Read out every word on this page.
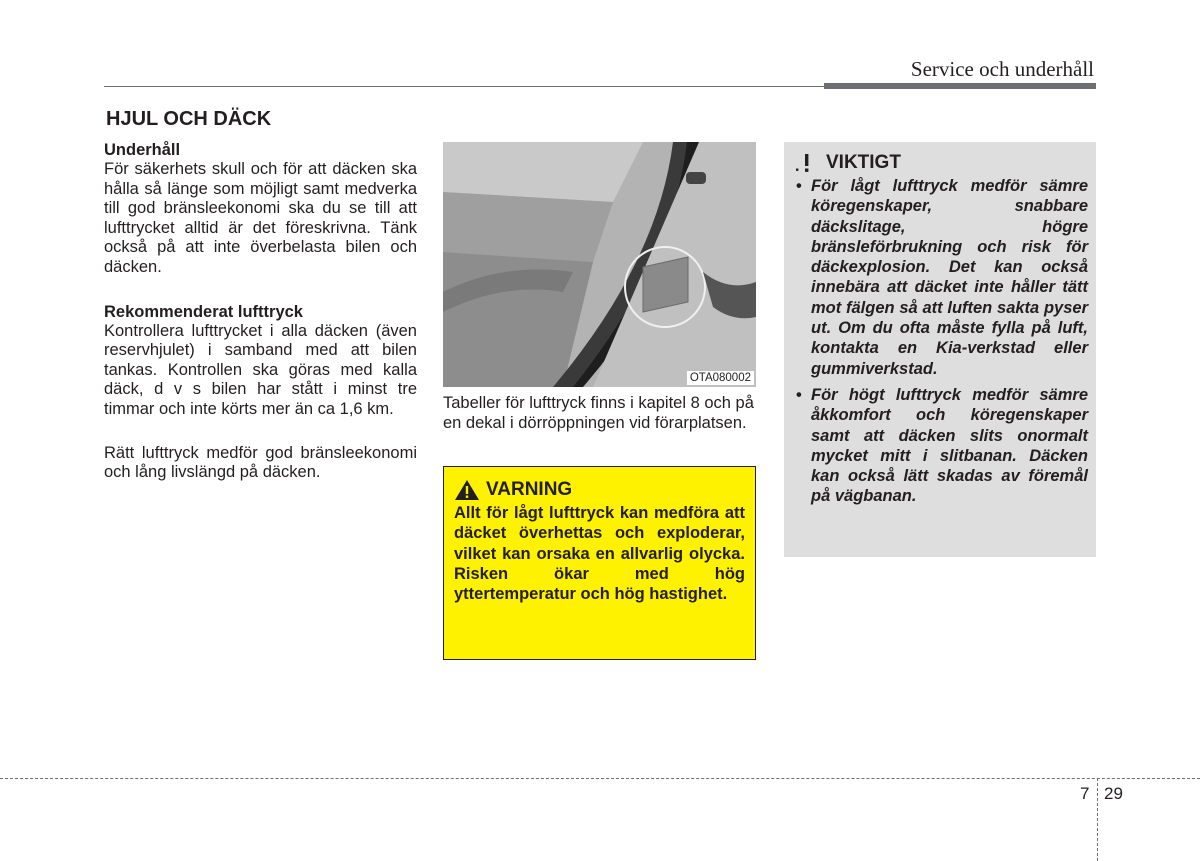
Service och underhåll
HJUL OCH DÄCK

Underhåll

För säkerhets skull och för att däcken ska hålla så länge som möjligt samt medverka till god bränsleekonomi ska du se till att lufttrycket alltid är det föreskrivna. Tänk också på att inte överbelasta bilen och däcken.

Rekommenderat lufttryck

Kontrollera lufttrycket i alla däcken (även reservhjulet) i samband med att bilen tankas. Kontrollen ska göras med kalla däck, d v s bilen har stått i minst tre timmar och inte körts mer än ca 1,6 km.

Rätt lufttryck medför god bränsleekonomi och lång livslängd på däcken.

OTA080002

Tabeller för lufttryck finns i kapitel 8 och på en dekal i dörröppningen vid förarplatsen.

VARNING

Allt för lågt lufttryck kan medföra att däcket överhettas och exploderar, vilket kan orsaka en allvarlig olycka. Risken ökar med hög yttertemperatur och hög hastighet.

VIKTIGT
• För lågt lufttryck medför sämre köregenskaper, snabbare däckslitage, högre bränsleförbrukning och risk för däckexplosion. Det kan också innebära att däcket inte håller tätt mot fälgen så att luften sakta pyser ut. Om du ofta måste fylla på luft, kontakta en Kia-verkstad eller gummiverkstad.
• För högt lufttryck medför sämre åkkomfort och köregenskaper samt att däcken slits onormalt mycket mitt i slitbanan. Däcken kan också lätt skadas av föremål på vägbanan.
7 29
